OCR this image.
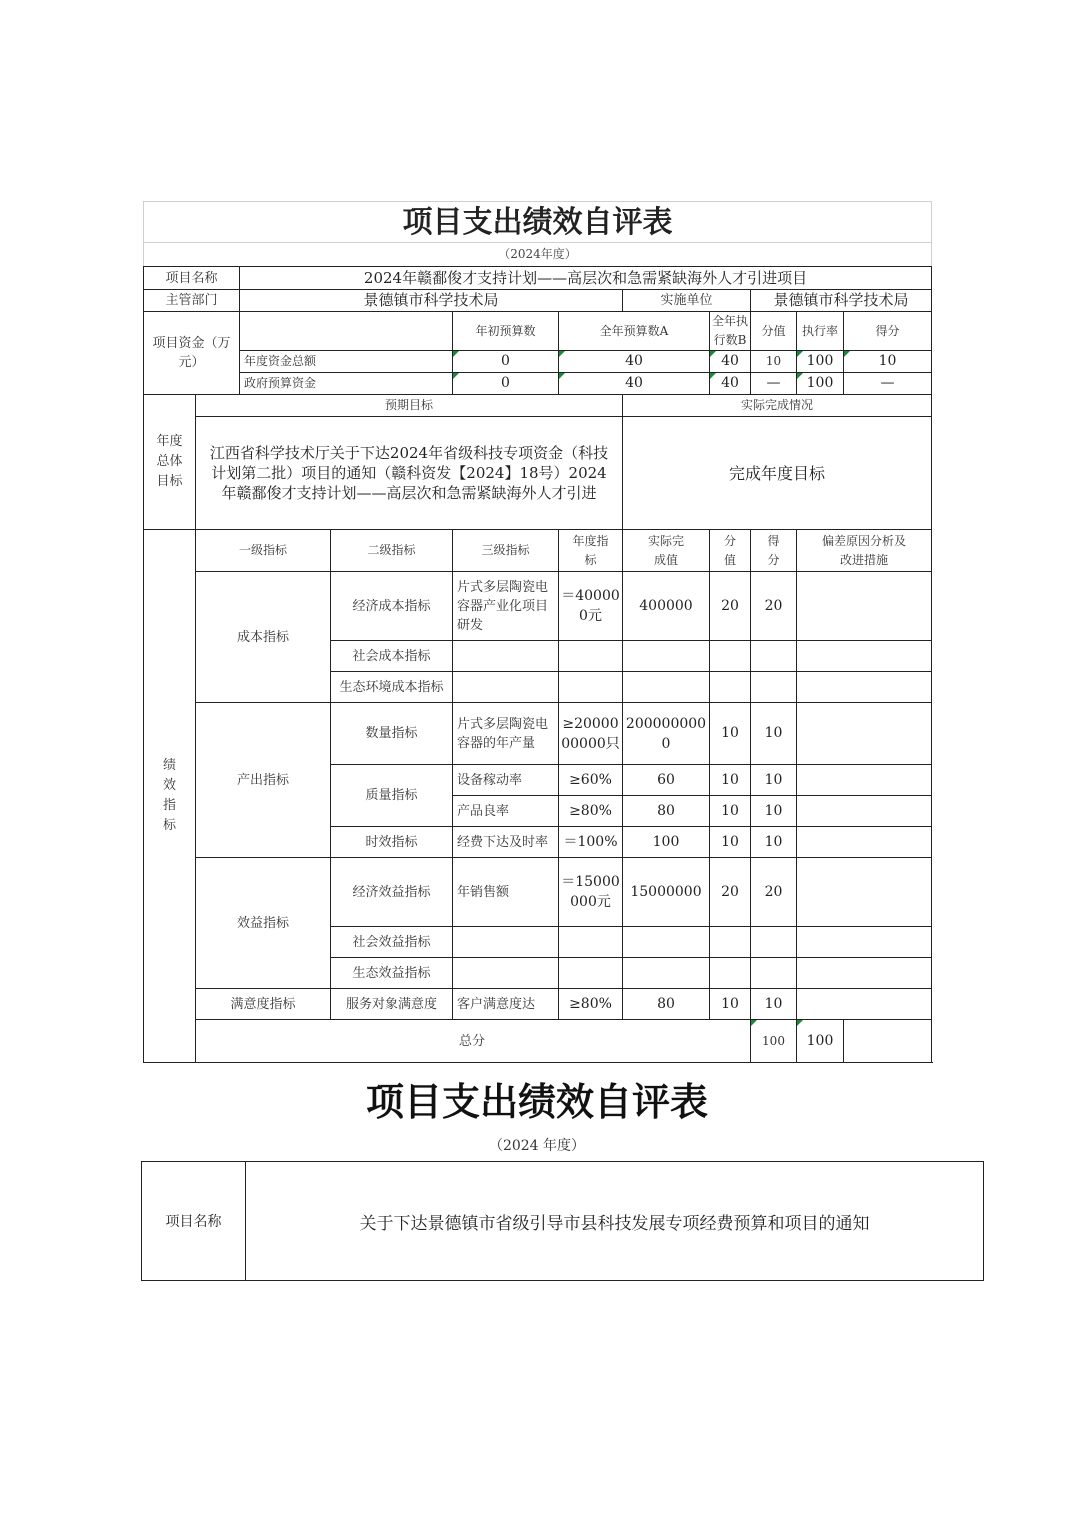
项目支出绩效自评表										
（2024年度）										
项目名称		2024年赣鄱俊才支持计划——高层次和急需紧缺海外人才引进项目								
主管部门		景德镇市科学技术局				实施单位		景德镇市科学技术局		
项目资金（万元）				年初预算数	全年预算数A		全年执行数B	分值	执行率	得分
		年度资金总额		0	40		40	10	100	10
		政府预算资金		0	40		40	—	100	—
年度总体目标	预期目标					实际完成情况				
	江西省科学技术厅关于下达2024年省级科技专项资金（科技计划第二批）项目的通知（赣科资发【2024】18号）2024年赣鄱俊才支持计划——高层次和急需紧缺海外人才引进					完成年度目标				
绩效指标	一级指标		二级指标	三级指标	年度指标	实际完成值	分值	得分	偏差原因分析及改进措施	
	成本指标		经济成本指标	片式多层陶瓷电容器产业化项目研发	＝400000元	400000	20	20		
			社会成本指标							
			生态环境成本指标							
	产出指标		数量指标	片式多层陶瓷电容器的年产量	≥2000000000只	2000000000	10	10		
			质量指标	设备稼动率	≥60%	60	10	10		
				产品良率	≥80%	80	10	10		
			时效指标	经费下达及时率	＝100%	100	10	10		
	效益指标		经济效益指标	年销售额	＝15000000元	15000000	20	20		
			社会效益指标							
			生态效益指标							
	满意度指标		服务对象满意度	客户满意度达	≥80%	80	10	10		
	总分							100	100	
项目支出绩效自评表
（2024 年度）
项目名称	关于下达景德镇市省级引导市县科技发展专项经费预算和项目的通知
